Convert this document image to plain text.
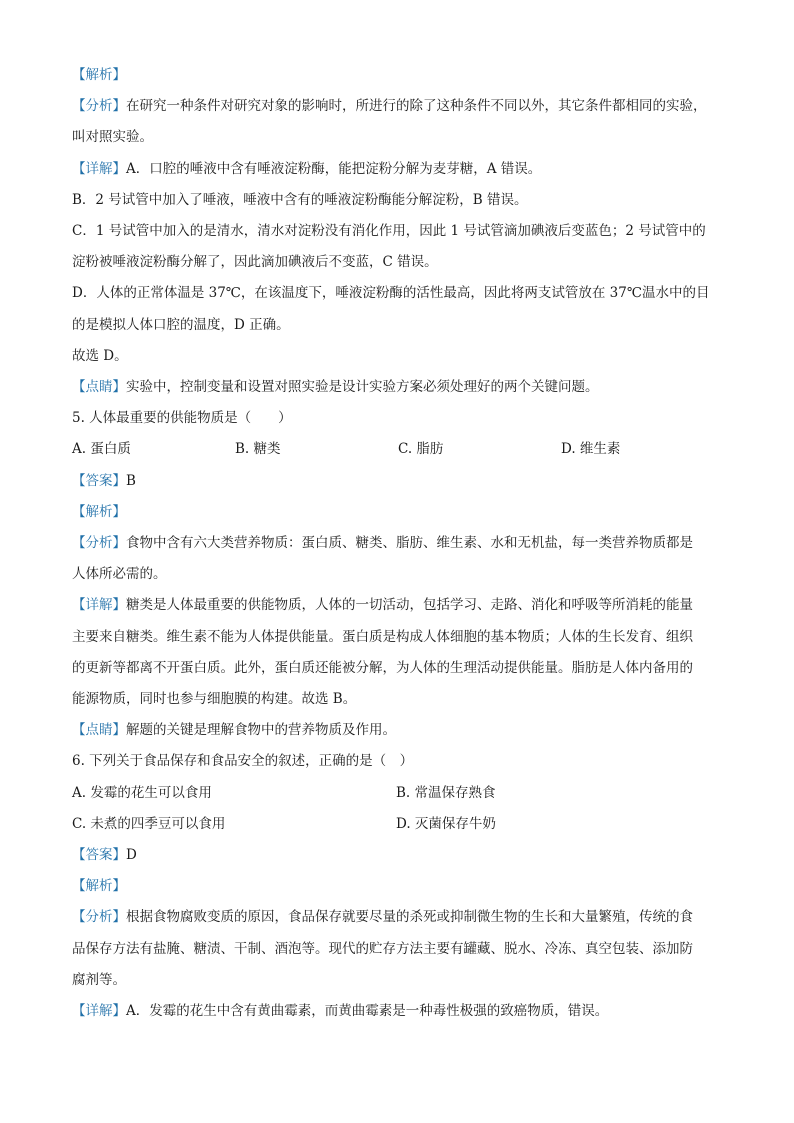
【解析】
【分析】在研究一种条件对研究对象的影响时，所进行的除了这种条件不同以外，其它条件都相同的实验，
叫对照实验。
【详解】A．口腔的唾液中含有唾液淀粉酶，能把淀粉分解为麦芽糖，A 错误。
B．2 号试管中加入了唾液，唾液中含有的唾液淀粉酶能分解淀粉，B 错误。
C．1 号试管中加入的是清水，清水对淀粉没有消化作用，因此 1 号试管滴加碘液后变蓝色；2 号试管中的
淀粉被唾液淀粉酶分解了，因此滴加碘液后不变蓝，C 错误。
D．人体的正常体温是 37℃，在该温度下，唾液淀粉酶的活性最高，因此将两支试管放在 37℃温水中的目
的是模拟人体口腔的温度，D 正确。
故选 D。
【点睛】实验中，控制变量和设置对照实验是设计实验方案必须处理好的两个关键问题。
5. 人体最重要的供能物质是（　　）
A. 蛋白质	B. 糖类	C. 脂肪	D. 维生素
【答案】B
【解析】
【分析】食物中含有六大类营养物质：蛋白质、糖类、脂肪、维生素、水和无机盐，每一类营养物质都是
人体所必需的。
【详解】糖类是人体最重要的供能物质，人体的一切活动，包括学习、走路、消化和呼吸等所消耗的能量
主要来自糖类。维生素不能为人体提供能量。蛋白质是构成人体细胞的基本物质；人体的生长发育、组织
的更新等都离不开蛋白质。此外，蛋白质还能被分解，为人体的生理活动提供能量。脂肪是人体内备用的
能源物质，同时也参与细胞膜的构建。故选 B。
【点睛】解题的关键是理解食物中的营养物质及作用。
6. 下列关于食品保存和食品安全的叙述，正确的是（　）
A. 发霉的花生可以食用	B. 常温保存熟食
C. 未煮的四季豆可以食用	D. 灭菌保存牛奶
【答案】D
【解析】
【分析】根据食物腐败变质的原因，食品保存就要尽量的杀死或抑制微生物的生长和大量繁殖，传统的食
品保存方法有盐腌、糖渍、干制、酒泡等。现代的贮存方法主要有罐藏、脱水、冷冻、真空包装、添加防
腐剂等。
【详解】A．发霉的花生中含有黄曲霉素，而黄曲霉素是一种毒性极强的致癌物质，错误。
